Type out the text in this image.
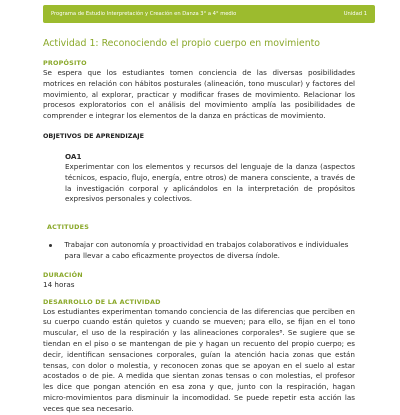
Programa de Estudio Interpretación y Creación en Danza 3° a 4° medio	Unidad 1
Actividad 1: Reconociendo el propio cuerpo en movimiento
PROPÓSITO

Se espera que los estudiantes tomen conciencia de las diversas posibilidades motrices en relación con hábitos posturales (alineación, tono muscular) y factores del movimiento, al explorar, practicar y modificar frases de movimiento. Relacionar los procesos exploratorios con el análisis del movimiento amplía las posibilidades de comprender e integrar los elementos de la danza en prácticas de movimiento.

OBJETIVOS DE APRENDIZAJE
OA1

Experimentar con los elementos y recursos del lenguaje de la danza (aspectos técnicos, espacio, flujo, energía, entre otros) de manera consciente, a través de la investigación corporal y aplicándolos en la interpretación de propósitos expresivos personales y colectivos.

ACTITUDES

Trabajar con autonomía y proactividad en trabajos colaborativos e individuales para llevar a cabo eficazmente proyectos de diversa índole.

DURACIÓN

14 horas

DESARROLLO DE LA ACTIVIDAD

Los estudiantes experimentan tomando conciencia de las diferencias que perciben en su cuerpo cuando están quietos y cuando se mueven; para ello, se fijan en el tono muscular, el uso de la respiración y las alineaciones corporales⁸. Se sugiere que se tiendan en el piso o se mantengan de pie y hagan un recuento del propio cuerpo; es decir, identifican sensaciones corporales, guían la atención hacia zonas que están tensas, con dolor o molestia, y reconocen zonas que se apoyan en el suelo al estar acostados o de pie. A medida que sientan zonas tensas o con molestias, el profesor les dice que pongan atención en esa zona y que, junto con la respiración, hagan micro-movimientos para disminuir la incomodidad. Se puede repetir esta acción las veces que sea necesario.
